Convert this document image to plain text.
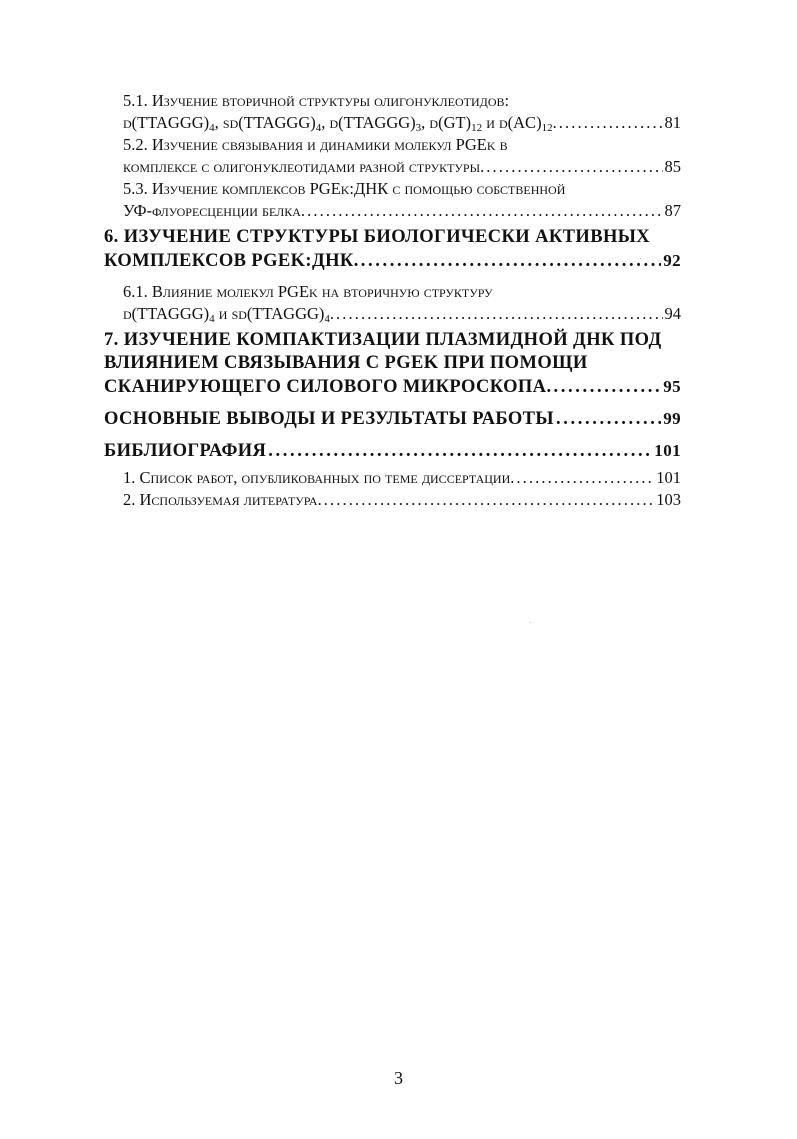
5.1. Изучение вторичной структуры олигонуклеотидов:
$d(TTAGGG)_4$, $sd(TTAGGG)_4$, $d(TTAGGG)_3$, $d(GT)_{12}$ и $d(AC)_{12}$. . . .	81
5.2. Изучение связывания и динамики молекул PGEk в
комплексе с олигонуклеотидами разной структуры. . . .	85
5.3. Изучение комплексов PGEk:ДНК с помощью собственной
УФ-флуоресценции белка. . . .	87
6. ИЗУЧЕНИЕ СТРУКТУРЫ БИОЛОГИЧЕСКИ АКТИВНЫХ
КОМПЛЕКСОВ PGEK:ДНК. . . .	92
6.1. Влияние молекул PGEk на вторичную структуру
$d(TTAGGG)_4$ и $sd(TTAGGG)_4$. . . .	94
7. ИЗУЧЕНИЕ КОМПАКТИЗАЦИИ ПЛАЗМИДНОЙ ДНК ПОД
ВЛИЯНИЕМ СВЯЗЫВАНИЯ С PGEK ПРИ ПОМОЩИ
СКАНИРУЮЩЕГО СИЛОВОГО МИКРОСКОПА. . . .	95
ОСНОВНЫЕ ВЫВОДЫ И РЕЗУЛЬТАТЫ РАБОТЫ . . .	99
БИБЛИОГРАФИЯ . . .	101
1. Список работ, опубликованных по теме диссертации. . . .	101
2. Используемая литература. . . .	103
3
